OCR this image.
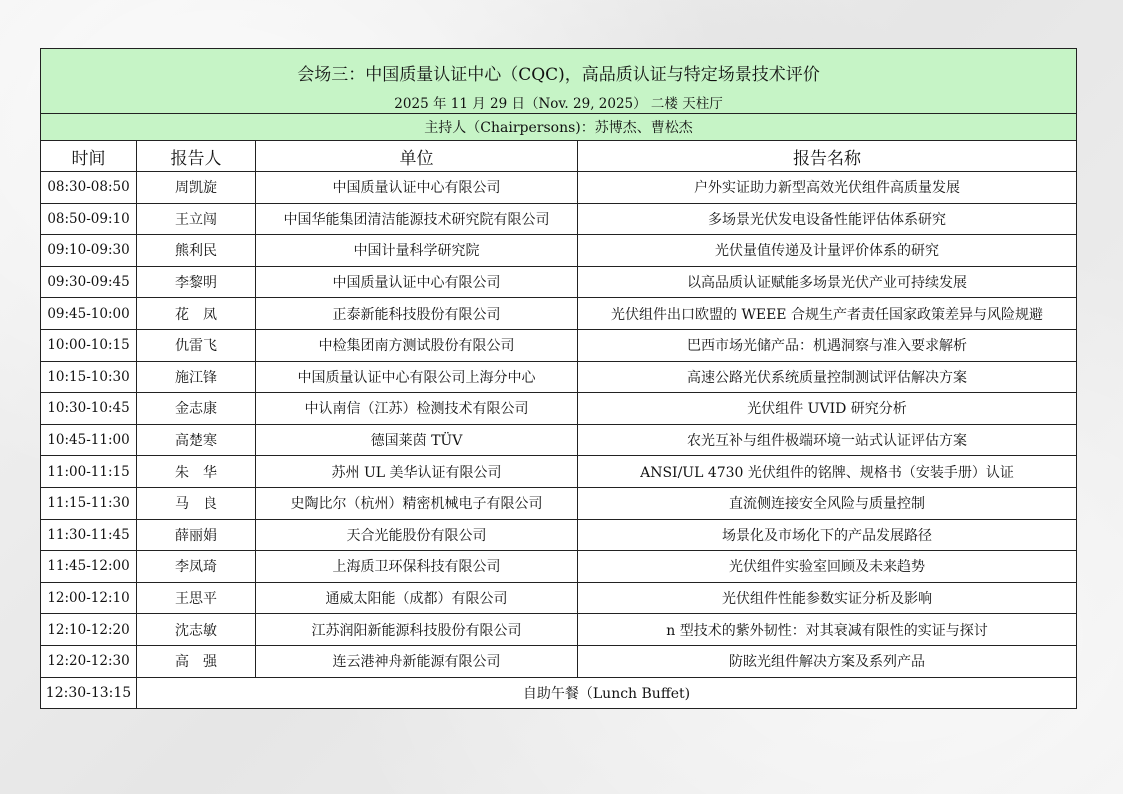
会场三：中国质量认证中心（CQC)，高品质认证与特定场景技术评价			
2025 年 11 月 29 日（Nov. 29, 2025） 二楼 天柱厅			
主持人（Chairpersons)：苏博杰、曹松杰			
时间	报告人	单位	报告名称
08:30-08:50	周凯旋	中国质量认证中心有限公司	户外实证助力新型高效光伏组件高质量发展
08:50-09:10	王立闯	中国华能集团清洁能源技术研究院有限公司	多场景光伏发电设备性能评估体系研究
09:10-09:30	熊利民	中国计量科学研究院	光伏量值传递及计量评价体系的研究
09:30-09:45	李黎明	中国质量认证中心有限公司	以高品质认证赋能多场景光伏产业可持续发展
09:45-10:00	花　凤	正泰新能科技股份有限公司	光伏组件出口欧盟的 WEEE 合规生产者责任国家政策差异与风险规避
10:00-10:15	仇雷飞	中检集团南方测试股份有限公司	巴西市场光储产品：机遇洞察与准入要求解析
10:15-10:30	施江锋	中国质量认证中心有限公司上海分中心	高速公路光伏系统质量控制测试评估解决方案
10:30-10:45	金志康	中认南信（江苏）检测技术有限公司	光伏组件 UVID 研究分析
10:45-11:00	高楚寒	德国莱茵 TÜV	农光互补与组件极端环境一站式认证评估方案
11:00-11:15	朱　华	苏州 UL 美华认证有限公司	ANSI/UL 4730 光伏组件的铭牌、规格书（安装手册）认证
11:15-11:30	马　良	史陶比尔（杭州）精密机械电子有限公司	直流侧连接安全风险与质量控制
11:30-11:45	薛丽娟	天合光能股份有限公司	场景化及市场化下的产品发展路径
11:45-12:00	李凤琦	上海质卫环保科技有限公司	光伏组件实验室回顾及未来趋势
12:00-12:10	王思平	通威太阳能（成都）有限公司	光伏组件性能参数实证分析及影响
12:10-12:20	沈志敏	江苏润阳新能源科技股份有限公司	n 型技术的紫外韧性：对其衰减有限性的实证与探讨
12:20-12:30	高　强	连云港神舟新能源有限公司	防眩光组件解决方案及系列产品
12:30-13:15	自助午餐（Lunch Buffet)		
